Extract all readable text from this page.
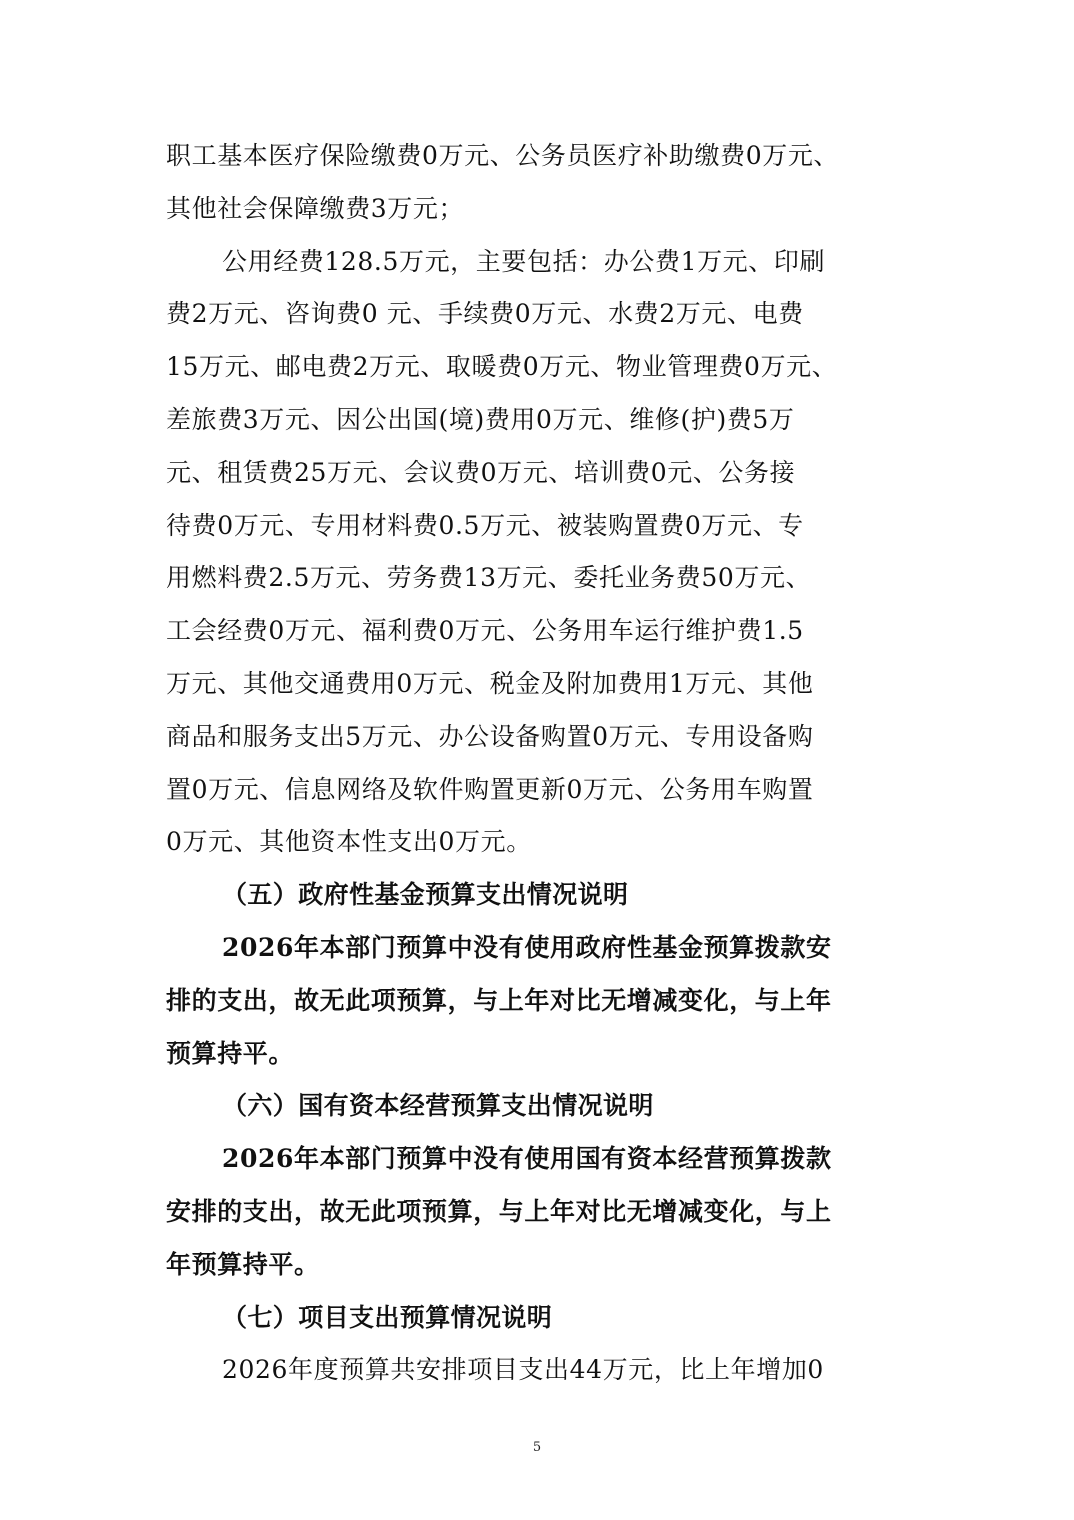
职工基本医疗保险缴费0万元、公务员医疗补助缴费0万元、
其他社会保障缴费3万元；
公用经费128.5万元，主要包括：办公费1万元、印刷
费2万元、咨询费0 元、手续费0万元、水费2万元、电费
15万元、邮电费2万元、取暖费0万元、物业管理费0万元、
差旅费3万元、因公出国(境)费用0万元、维修(护)费5万
元、租赁费25万元、会议费0万元、培训费0元、公务接
待费0万元、专用材料费0.5万元、被装购置费0万元、专
用燃料费2.5万元、劳务费13万元、委托业务费50万元、
工会经费0万元、福利费0万元、公务用车运行维护费1.5
万元、其他交通费用0万元、税金及附加费用1万元、其他
商品和服务支出5万元、办公设备购置0万元、专用设备购
置0万元、信息网络及软件购置更新0万元、公务用车购置
0万元、其他资本性支出0万元。
（五）政府性基金预算支出情况说明
2026年本部门预算中没有使用政府性基金预算拨款安
排的支出，故无此项预算，与上年对比无增减变化，与上年
预算持平。
（六）国有资本经营预算支出情况说明
2026年本部门预算中没有使用国有资本经营预算拨款
安排的支出，故无此项预算，与上年对比无增减变化，与上
年预算持平。
（七）项目支出预算情况说明
2026年度预算共安排项目支出44万元，比上年增加0
5
